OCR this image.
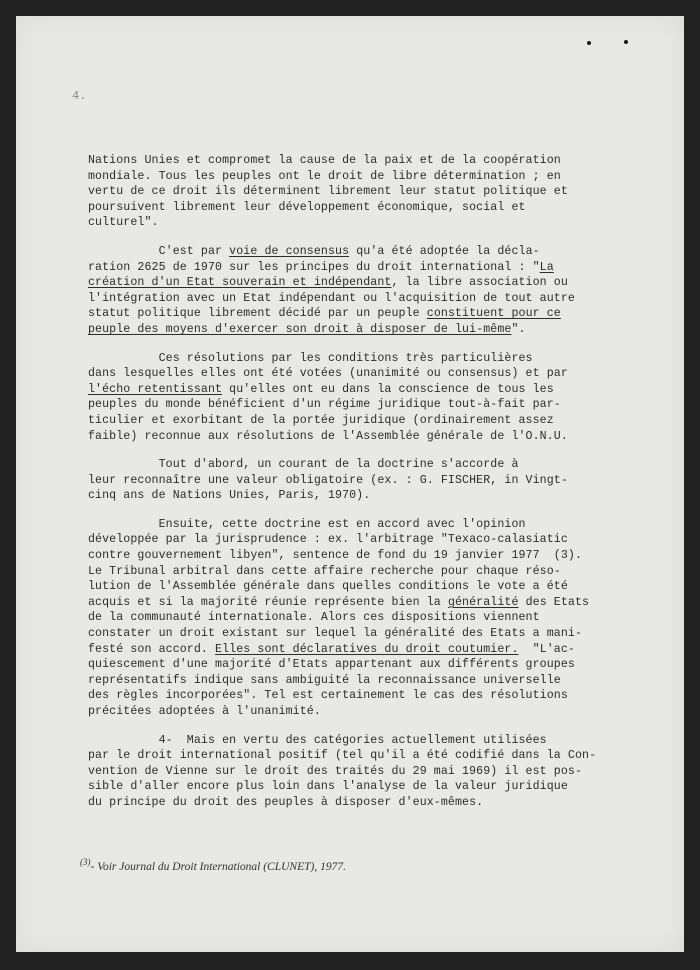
4.
Nations Unies et compromet la cause de la paix et de la coopération
mondiale. Tous les peuples ont le droit de libre détermination ; en
vertu de ce droit ils déterminent librement leur statut politique et
poursuivent librement leur développement économique, social et
culturel".
C'est par voie de consensus qu'a été adoptée la décla-
ration 2625 de 1970 sur les principes du droit international : "La
création d'un Etat souverain et indépendant, la libre association ou
l'intégration avec un Etat indépendant ou l'acquisition de tout autre
statut politique librement décidé par un peuple constituent pour ce
peuple des moyens d'exercer son droit à disposer de lui-même".
Ces résolutions par les conditions très particulières
dans lesquelles elles ont été votées (unanimité ou consensus) et par
l'écho retentissant qu'elles ont eu dans la conscience de tous les
peuples du monde bénéficient d'un régime juridique tout-à-fait par-
ticulier et exorbitant de la portée juridique (ordinairement assez
faible) reconnue aux résolutions de l'Assemblée générale de l'O.N.U.
Tout d'abord, un courant de la doctrine s'accorde à
leur reconnaître une valeur obligatoire (ex. : G. FISCHER, in Vingt-
cinq ans de Nations Unies, Paris, 1970).
Ensuite, cette doctrine est en accord avec l'opinion
développée par la jurisprudence : ex. l'arbitrage "Texaco-calasiatic
contre gouvernement libyen", sentence de fond du 19 janvier 1977  (3).
Le Tribunal arbitral dans cette affaire recherche pour chaque réso-
lution de l'Assemblée générale dans quelles conditions le vote a été
acquis et si la majorité réunie représente bien la généralité des Etats
de la communauté internationale. Alors ces dispositions viennent
constater un droit existant sur lequel la généralité des Etats a mani-
festé son accord. Elles sont déclaratives du droit coutumier.  "L'ac-
quiescement d'une majorité d'Etats appartenant aux différents groupes
représentatifs indique sans ambiguité la reconnaissance universelle
des règles incorporées". Tel est certainement le cas des résolutions
précitées adoptées à l'unanimité.
4-  Mais en vertu des catégories actuellement utilisées
par le droit international positif (tel qu'il a été codifié dans la Con-
vention de Vienne sur le droit des traités du 29 mai 1969) il est pos-
sible d'aller encore plus loin dans l'analyse de la valeur juridique
du principe du droit des peuples à disposer d'eux-mêmes.
$^{(3)}$- Voir Journal du Droit International (CLUNET), 1977.
